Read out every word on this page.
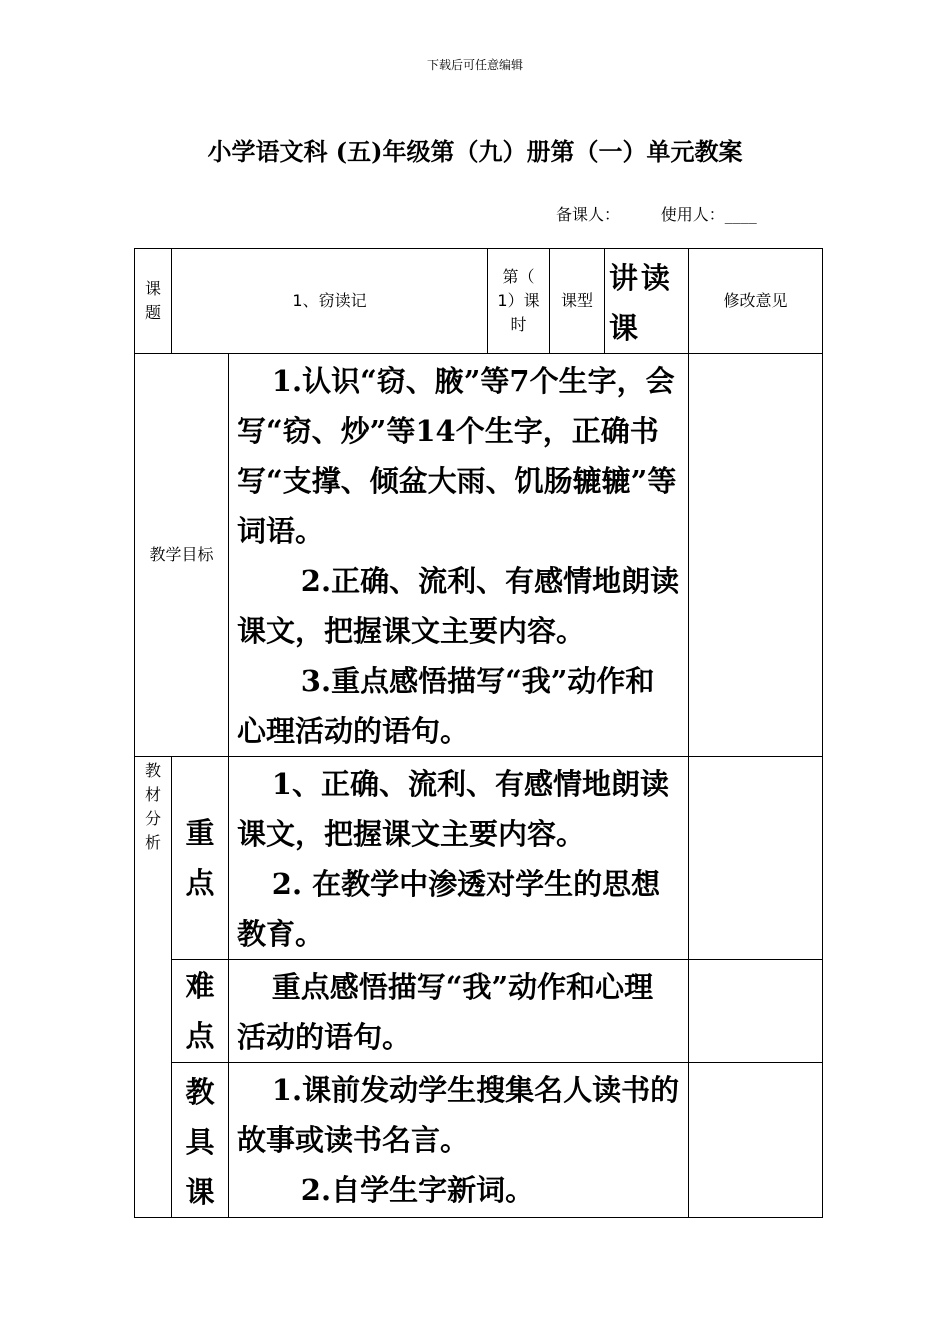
下载后可任意编辑
小学语文科 (五)年级第（九）册第（一）单元教案
备课人：	使用人：____
课题	1、窃读记		第（ 1）课时	课型	讲读课	修改意见
教学目标		1.认识“窃、腋”等7个生字，会写“窃、炒”等14个生字，正确书写“支撑、倾盆大雨、饥肠辘辘”等词语。

2.正确、流利、有感情地朗读课文，把握课文主要内容。

3.重点感悟描写“我”动作和心理活动的语句。				

教材分析	重点	1、正确、流利、有感情地朗读课文，把握课文主要内容。

2. 在教学中渗透对学生的思想教育。				

	难点	重点感悟描写“我”动作和心理活动的语句。				

	教具课	1.课前发动学生搜集名人读书的故事或读书名言。

2.自学生字新词。				
